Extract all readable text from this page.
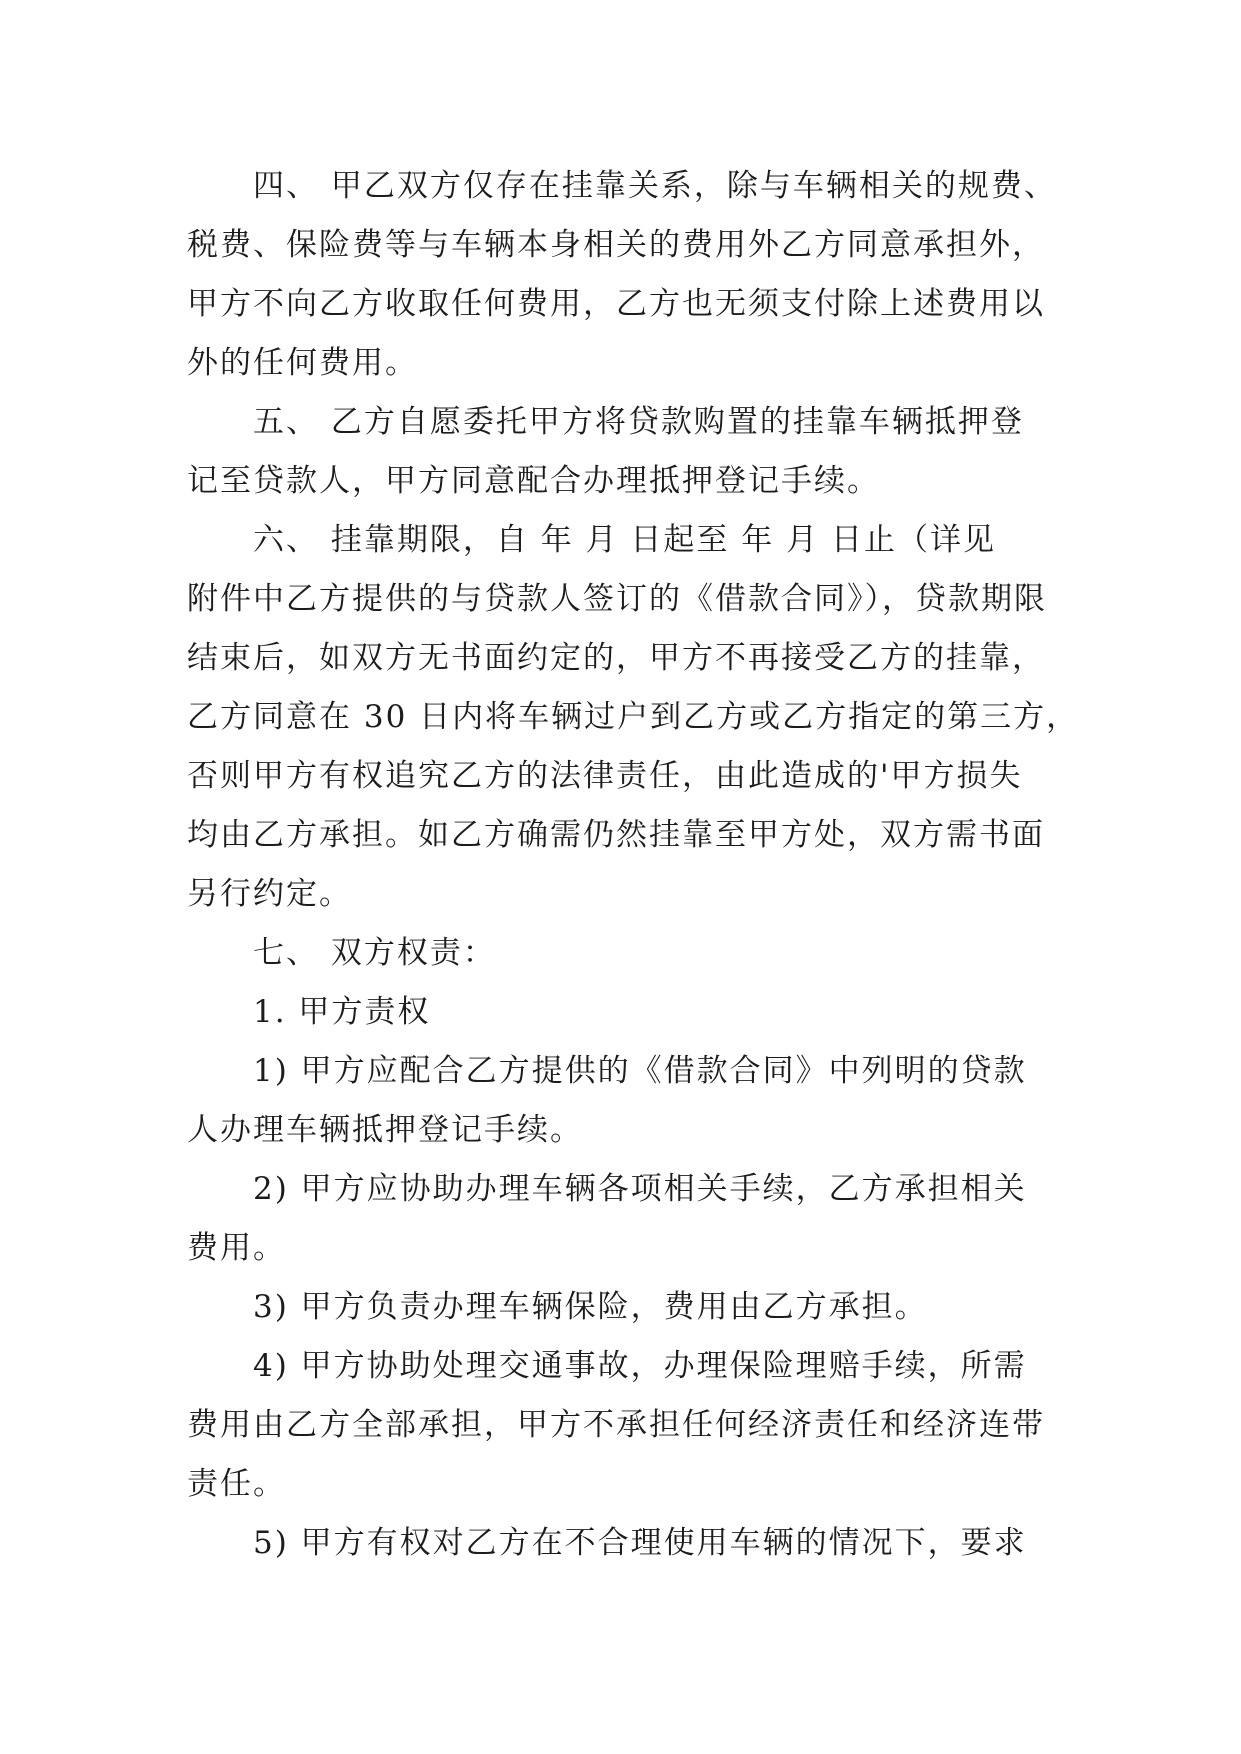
四、 甲乙双方仅存在挂靠关系，除与车辆相关的规费、
税费、保险费等与车辆本身相关的费用外乙方同意承担外，
甲方不向乙方收取任何费用，乙方也无须支付除上述费用以
外的任何费用。
五、 乙方自愿委托甲方将贷款购置的挂靠车辆抵押登
记至贷款人，甲方同意配合办理抵押登记手续。
六、 挂靠期限，自 年 月 日起至 年 月 日止（详见
附件中乙方提供的与贷款人签订的《借款合同》），贷款期限
结束后，如双方无书面约定的，甲方不再接受乙方的挂靠，
乙方同意在 30 日内将车辆过户到乙方或乙方指定的第三方，
否则甲方有权追究乙方的法律责任，由此造成的'甲方损失
均由乙方承担。如乙方确需仍然挂靠至甲方处，双方需书面
另行约定。
七、 双方权责：
1. 甲方责权
1) 甲方应配合乙方提供的《借款合同》中列明的贷款
人办理车辆抵押登记手续。
2) 甲方应协助办理车辆各项相关手续，乙方承担相关
费用。
3) 甲方负责办理车辆保险，费用由乙方承担。
4) 甲方协助处理交通事故，办理保险理赔手续，所需
费用由乙方全部承担，甲方不承担任何经济责任和经济连带
责任。
5) 甲方有权对乙方在不合理使用车辆的情况下，要求
